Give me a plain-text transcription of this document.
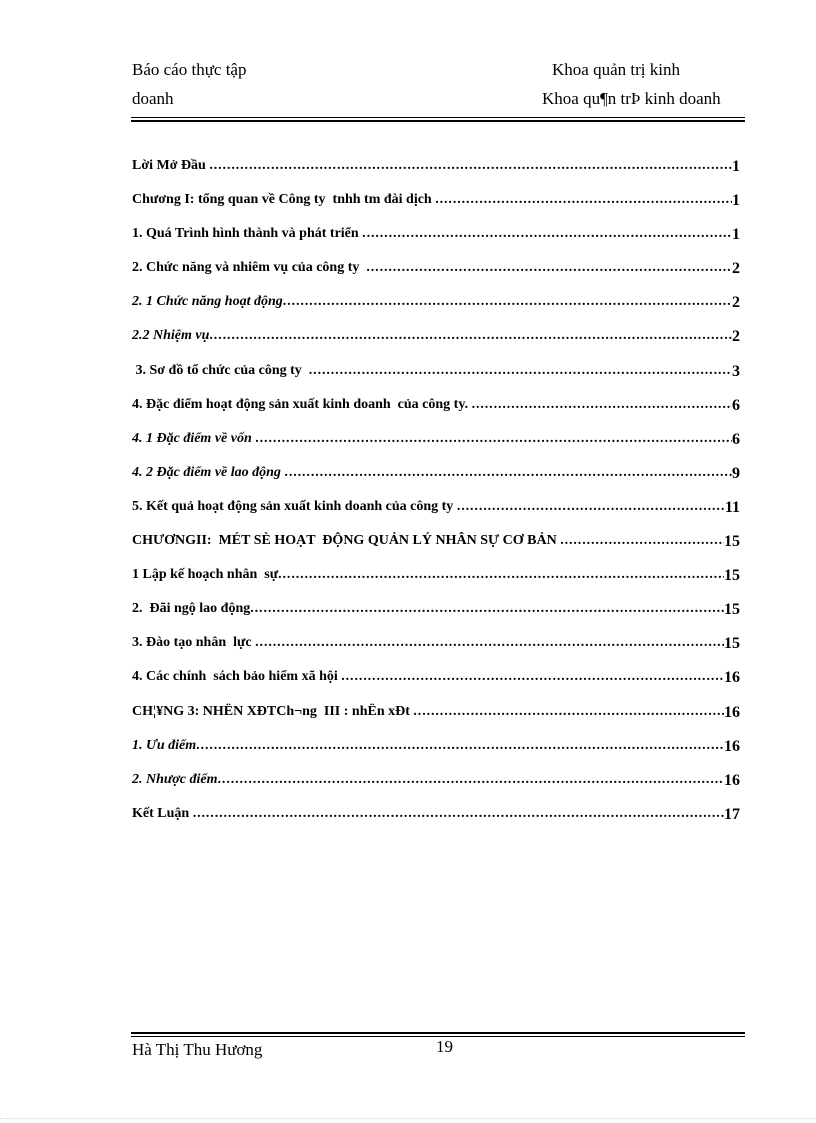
Báo cáo thực tập
doanh
Khoa quản trị kinh
Khoa qu¶n trÞ kinh doanh
Lời Mở Đầu . . .	1
Chương I: tổng quan về Công ty  tnhh tm đài dịch . . .	1
1. Quá Trình hình thành và phát triển . . .	1
2. Chức năng và nhiêm vụ của công ty . . .	2
2. 1 Chức năng hoạt động . . .	2
2.2 Nhiệm vụ . . .	2
3. Sơ đồ tổ chức của công ty . . .	3
4. Đặc điểm hoạt động sản xuất kinh doanh  của công ty. . . .	6
4. 1 Đặc điểm về vốn . . .	6
4. 2 Đặc điểm về lao động . . .	9
5. Kết quả hoạt động sản xuất kinh doanh của công ty . . .	11
CHƯƠNGII:  MÉT SÈ HOẠT  ĐỘNG QUẢN LÝ NHÂN SỰ CƠ BẢN . . .	15
1 Lập kế hoạch nhân  sự . . .	15
2.  Đãi ngộ lao động . . .	15
3. Đào tạo nhân  lực . . .	15
4. Các chính  sách bảo hiểm xã hội . . .	16
CH¦¥NG 3: NHËN XÐTCh¬ng  III : nhËn xÐt . . .	16
1. Ưu điểm . . .	16
2. Nhược điểm . . .	16
Kết Luận . . .	17
Hà Thị Thu Hương	19
